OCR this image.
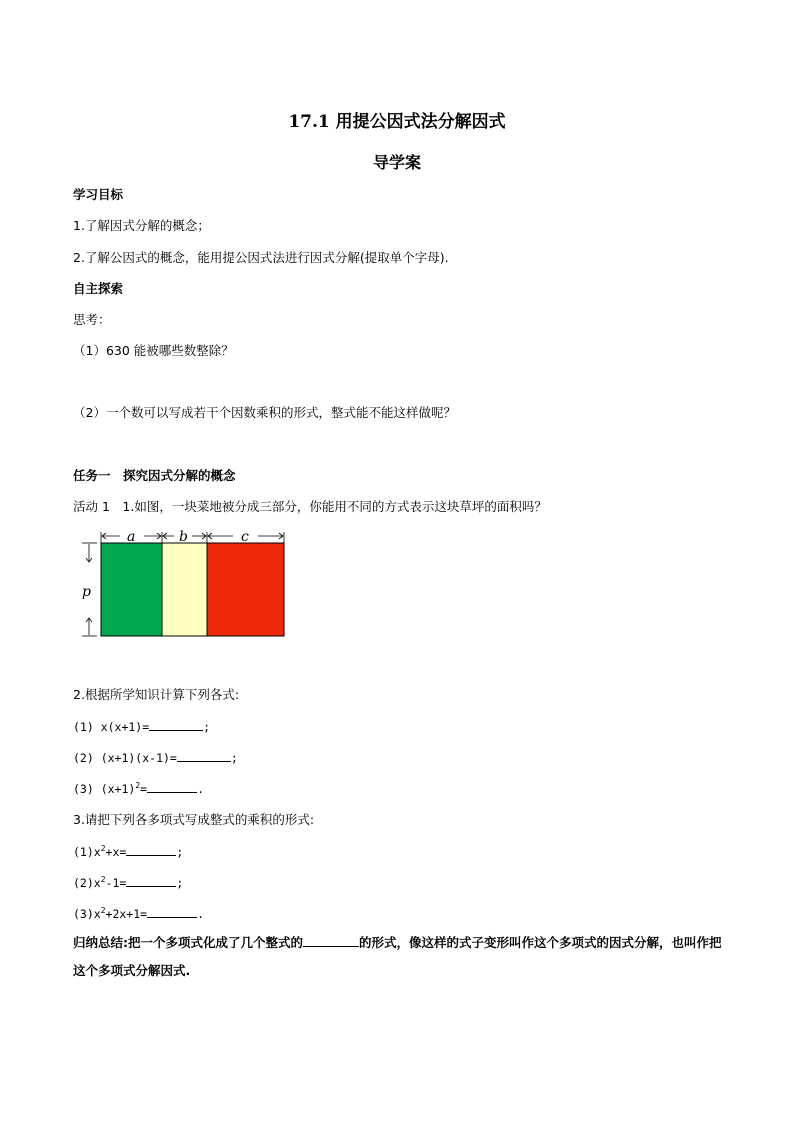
17.1 用提公因式法分解因式
导学案
学习目标
1.了解因式分解的概念；
2.了解公因式的概念，能用提公因式法进行因式分解(提取单个字母).
自主探索
思考：
（1）630 能被哪些数整除？
（2）一个数可以写成若干个因数乘积的形式，整式能不能这样做呢？
任务一　探究因式分解的概念
活动 1　1.如图，一块菜地被分成三部分，你能用不同的方式表示这块草坪的面积吗？
a	b	c
p
2.根据所学知识计算下列各式:
(1) x(x+1)=	;
(2) (x+1)(x-1)=	;
(3) $(x+1)^2=$	.
3.请把下列各多项式写成整式的乘积的形式:
$(1)x^2+x=$	;
$(2)x^2-1=$	;
$(3)x^2+2x+1=$	.
归纳总结:把一个多项式化成了几个整式的	的形式，像这样的式子变形叫作这个多项式的因式分解，也叫作把这个多项式分解因式.
